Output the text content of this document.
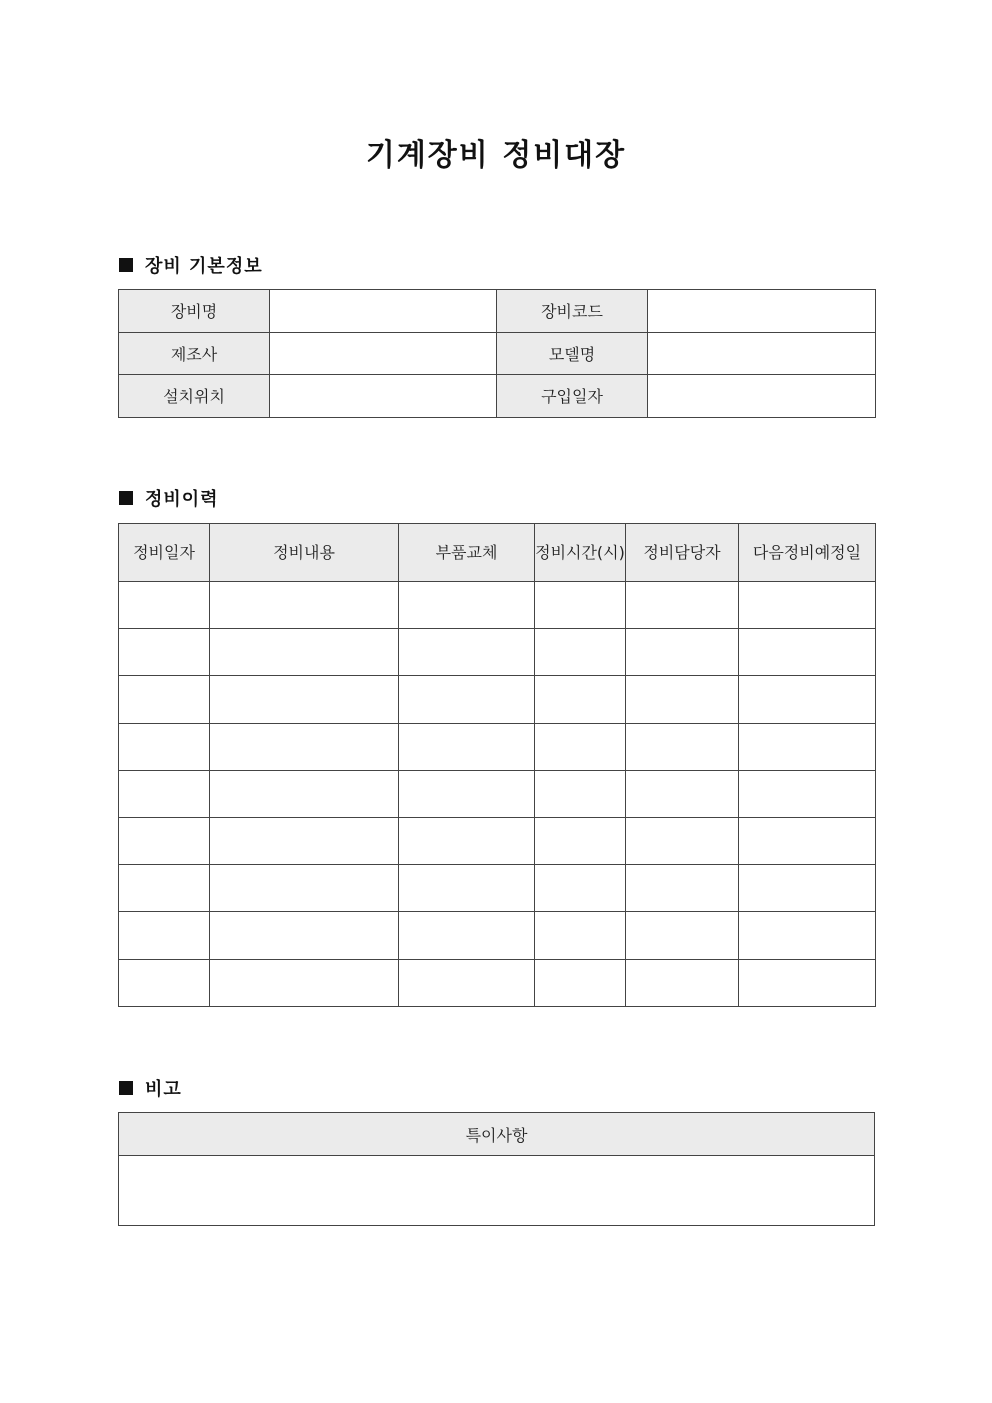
기계장비 정비대장
장비 기본정보
장비명		장비코드	
제조사		모델명	
설치위치		구입일자	
정비이력
정비일자	정비내용	부품교체	정비시간(시)	정비담당자	다음정비예정일

비고
특이사항
